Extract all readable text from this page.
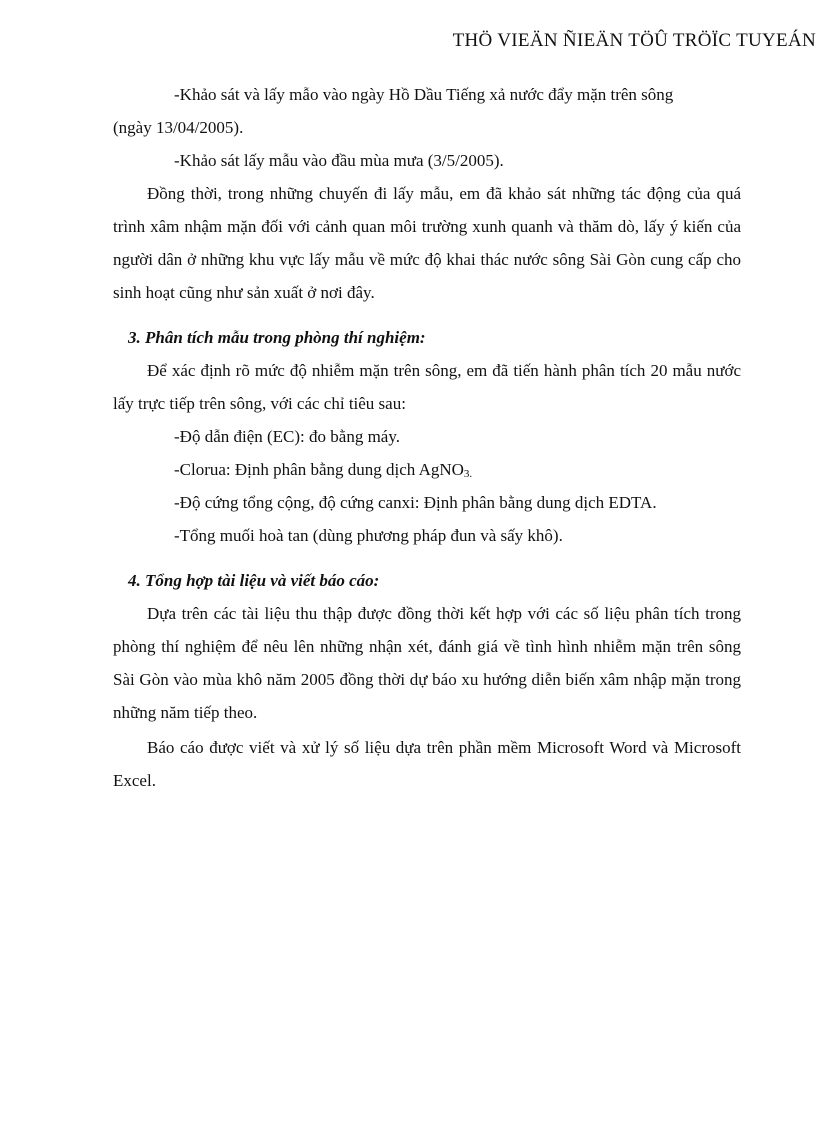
THÖ VIEÄN ÑIEÄN TÖÛ TRÖÏC TUYEÁN

-Khảo sát và lấy mẫo vào ngày Hồ Dầu Tiếng xả nước đẩy mặn trên sông

(ngày 13/04/2005).

-Khảo sát lấy mẫu vào đầu mùa mưa (3/5/2005).

Đồng thời, trong những chuyến đi lấy mẫu, em đã khảo sát những tác động của quá trình xâm nhậm mặn đối với cảnh quan môi trường xunh quanh và thăm dò, lấy ý kiến của người dân ở những khu vực lấy mẫu về mức độ khai thác nước sông Sài Gòn cung cấp cho sinh hoạt cũng như sản xuất ở nơi đây.

3. Phân tích mẫu trong phòng thí nghiệm:

Để xác định rõ mức độ nhiễm mặn trên sông, em đã tiến hành phân tích 20 mẫu nước lấy trực tiếp trên sông, với các chỉ tiêu sau:

-Độ dẫn điện (EC): đo bằng máy.

-Clorua: Định phân bằng dung dịch AgNO$_{3.}$

-Độ cứng tổng cộng, độ cứng canxi: Định phân bằng dung dịch EDTA.

-Tổng muối hoà tan (dùng phương pháp đun và sấy khô).

4. Tổng hợp tài liệu và viết báo cáo:

Dựa trên các tài liệu thu thập được đồng thời kết hợp với các số liệu phân tích trong phòng thí nghiệm để nêu lên những nhận xét, đánh giá về tình hình nhiễm mặn trên sông Sài Gòn vào mùa khô năm 2005 đồng thời dự báo xu hướng diễn biến xâm nhập mặn trong những năm tiếp theo.

Báo cáo được viết và xử lý số liệu dựa trên phần mềm Microsoft Word và Microsoft Excel.
